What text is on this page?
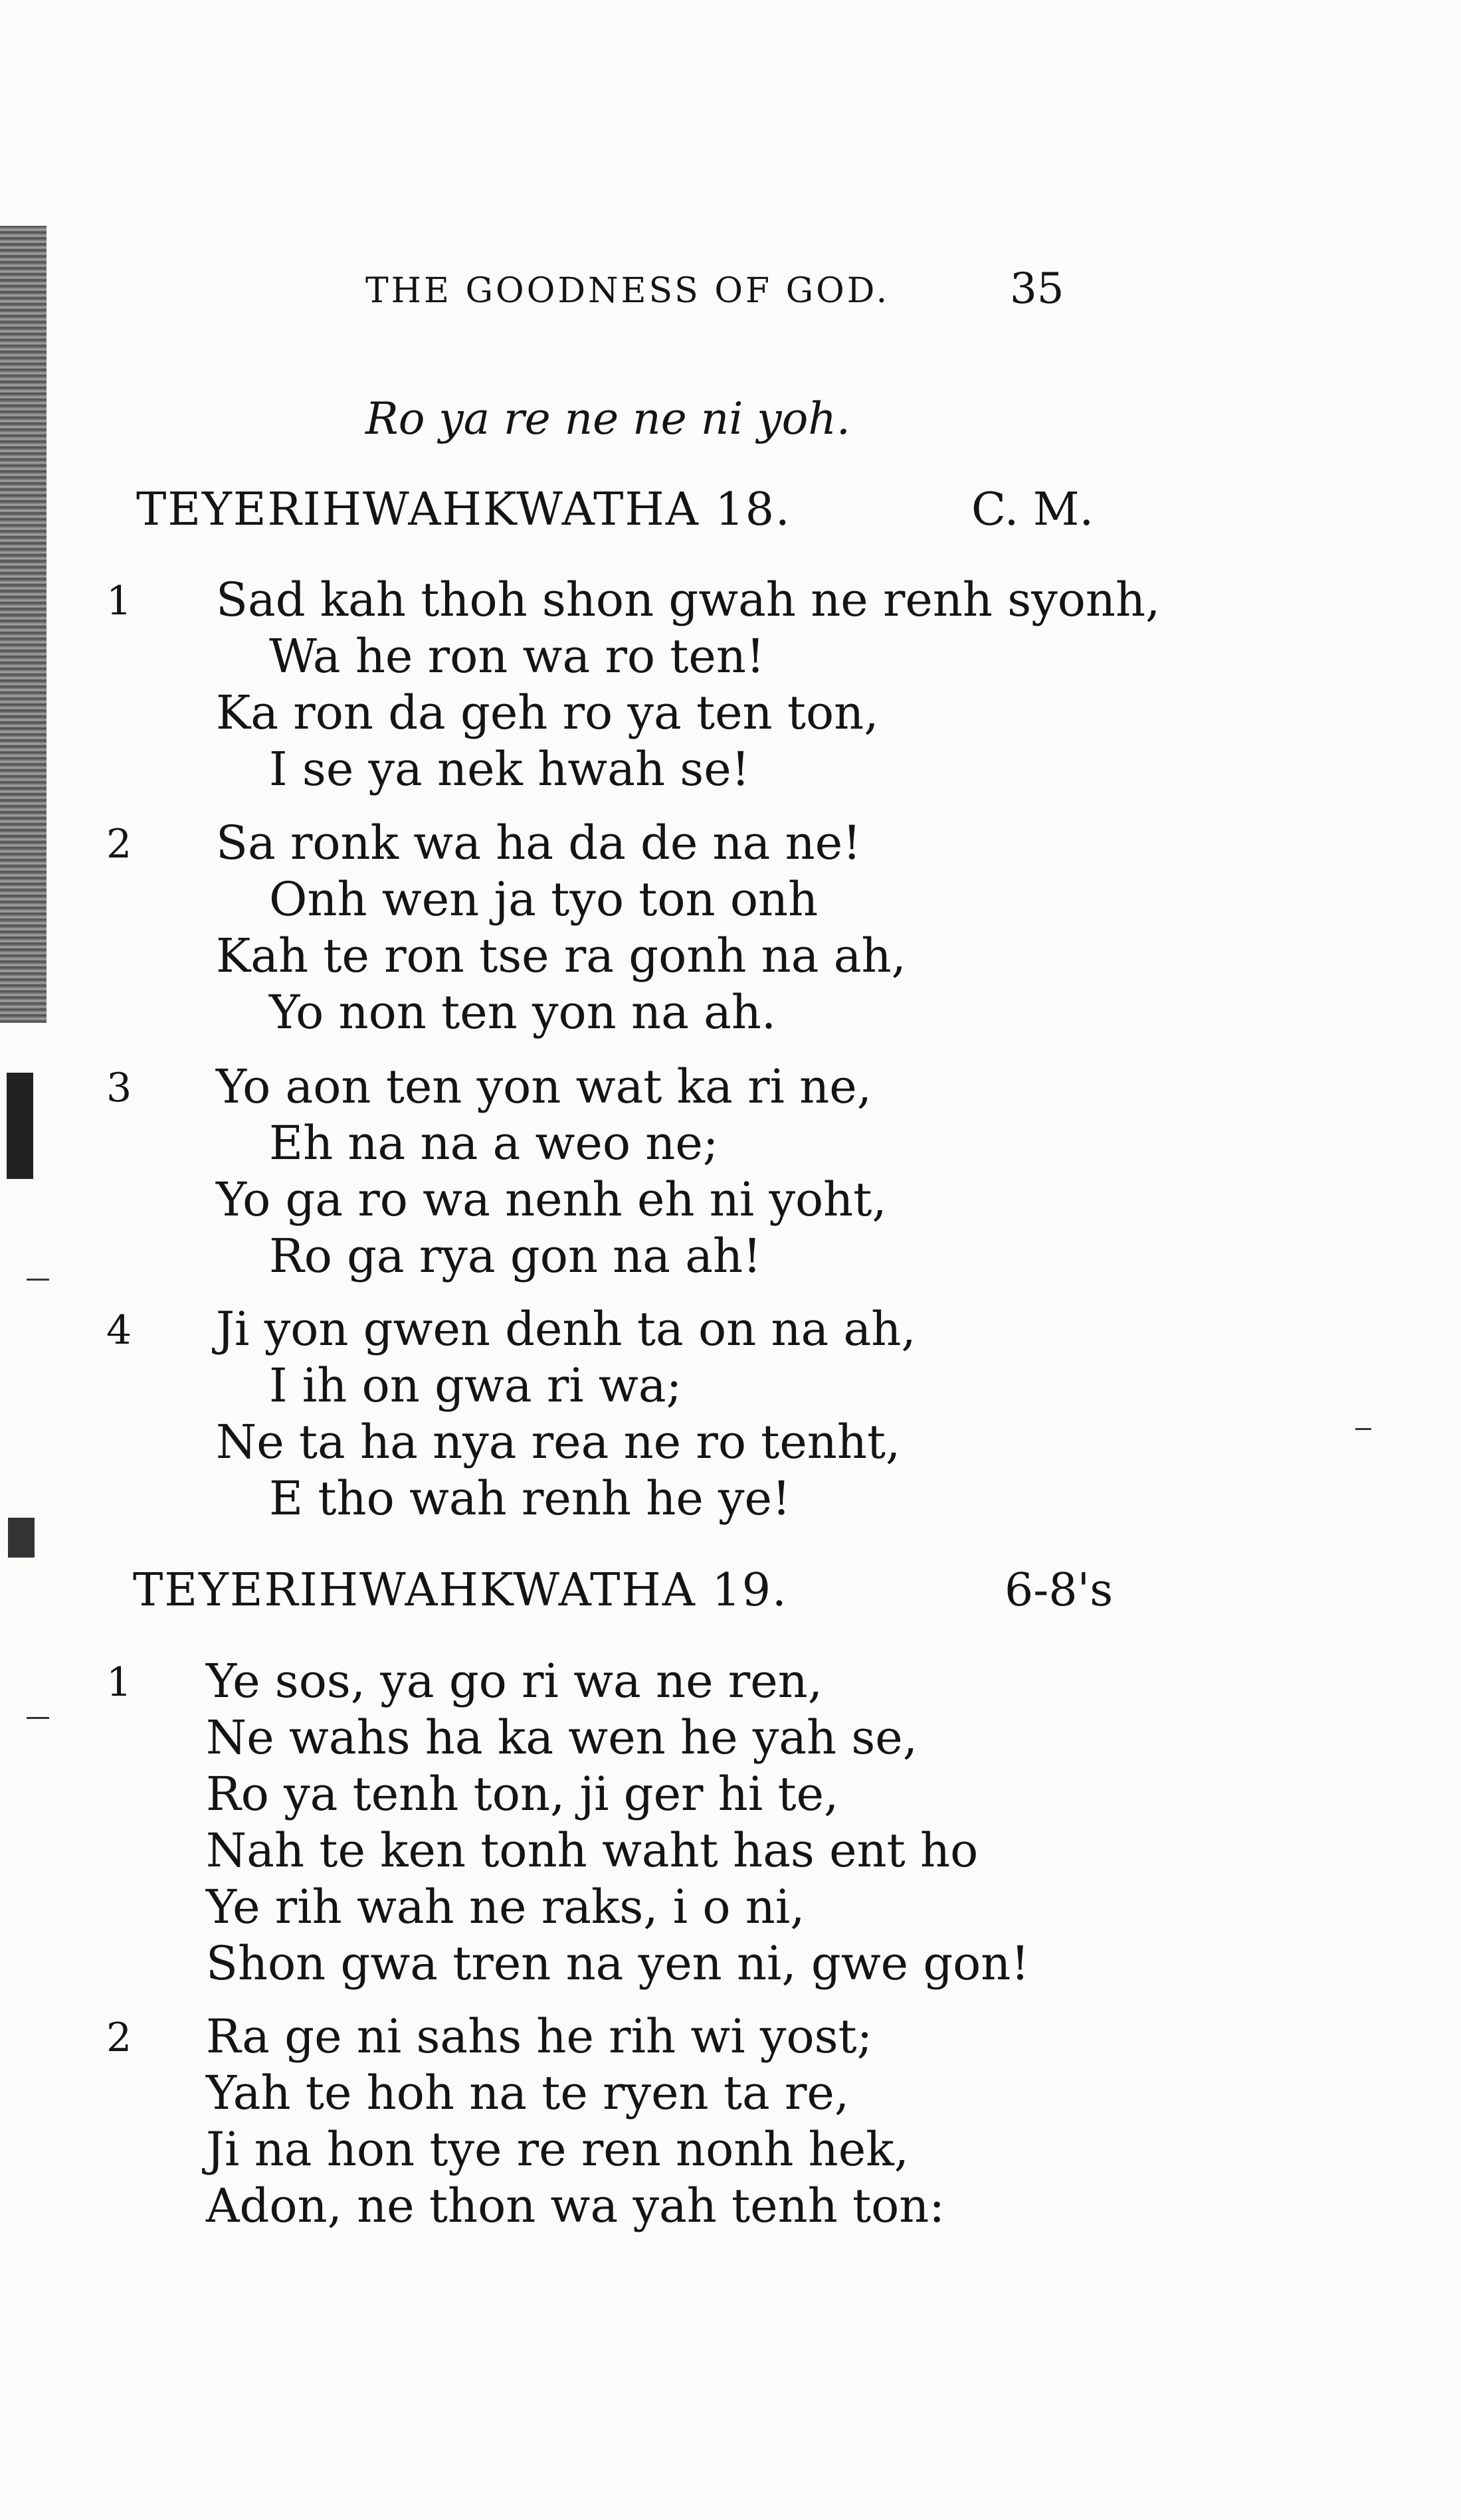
THE GOODNESS OF GOD.	35
Ro ya re ne ne ni yoh.
TEYERIHWAHKWATHA 18.	C. M.
1 Sad kah thoh shon gwah ne renh syonh,
Wa he ron wa ro ten!
Ka ron da geh ro ya ten ton,
I se ya nek hwah se!
2 Sa ronk wa ha da de na ne!
Onh wen ja tyo ton onh
Kah te ron tse ra gonh na ah,
Yo non ten yon na ah.
3 Yo aon ten yon wat ka ri ne,
Eh na na a weo ne;
Yo ga ro wa nenh eh ni yoht,
Ro ga rya gon na ah!
4 Ji yon gwen denh ta on na ah,
I ih on gwa ri wa;
Ne ta ha nya rea ne ro tenht,
E tho wah renh he ye!
TEYERIHWAHKWATHA 19.	6-8's
1 Ye sos, ya go ri wa ne ren,
Ne wahs ha ka wen he yah se,
Ro ya tenh ton, ji ger hi te,
Nah te ken tonh waht has ent ho
Ye rih wah ne raks, i o ni,
Shon gwa tren na yen ni, gwe gon!
2 Ra ge ni sahs he rih wi yost;
Yah te hoh na te ryen ta re,
Ji na hon tye re ren nonh hek,
Adon, ne thon wa yah tenh ton:
